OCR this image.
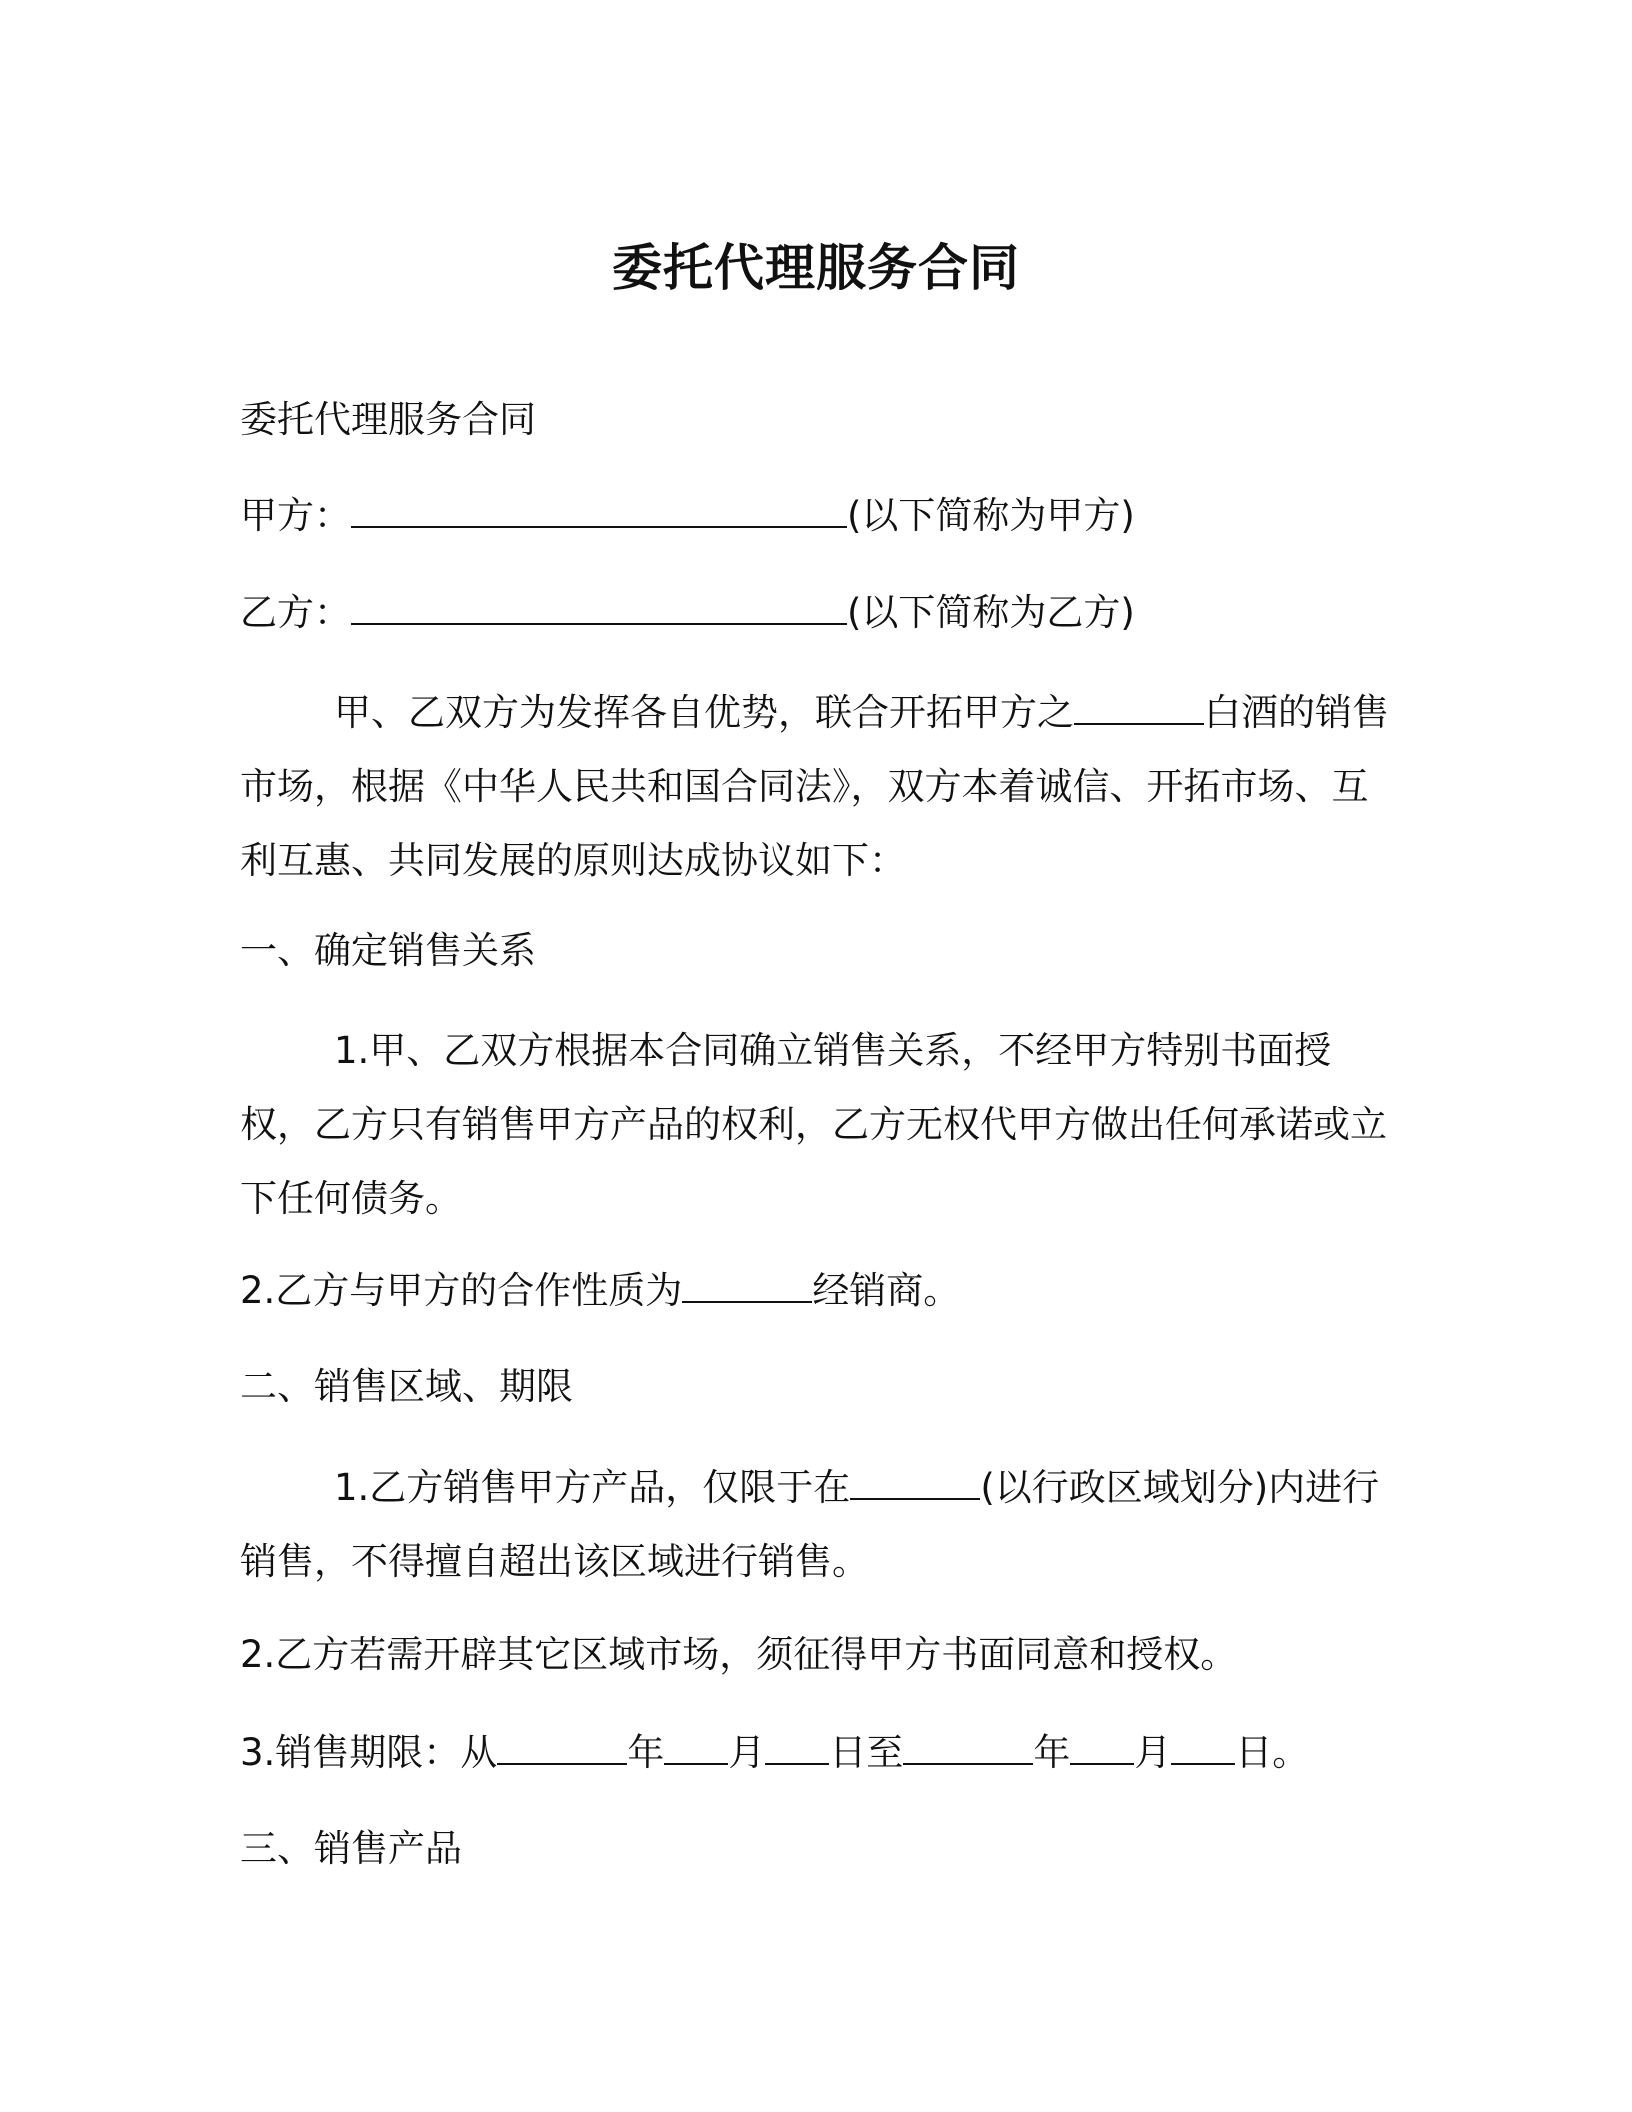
委托代理服务合同
委托代理服务合同
甲方：	(以下简称为甲方)
乙方：	(以下简称为乙方)
甲、乙双方为发挥各自优势，联合开拓甲方之	白酒的销售市场，根据《中华人民共和国合同法》，双方本着诚信、开拓市场、互利互惠、共同发展的原则达成协议如下：
一、确定销售关系
1.甲、乙双方根据本合同确立销售关系，不经甲方特别书面授权，乙方只有销售甲方产品的权利，乙方无权代甲方做出任何承诺或立下任何债务。
2.乙方与甲方的合作性质为	经销商。
二、销售区域、期限
1.乙方销售甲方产品，仅限于在	(以行政区域划分)内进行销售，不得擅自超出该区域进行销售。
2.乙方若需开辟其它区域市场，须征得甲方书面同意和授权。
3.销售期限：从	年 月 日至	年 月 日。
三、销售产品
